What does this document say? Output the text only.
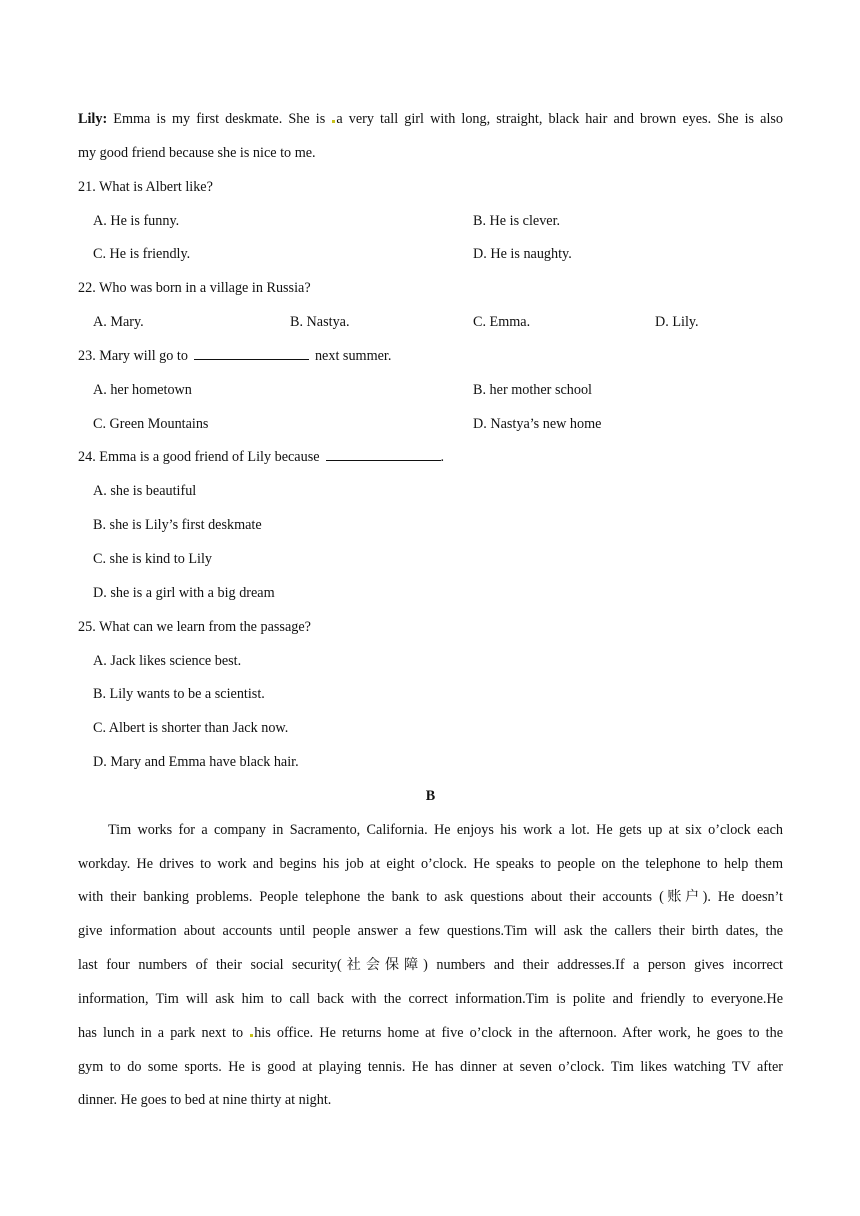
Lily: Emma is my first deskmate. She is a very tall girl with long, straight, black hair and brown eyes. She is also
my good friend because she is nice to me.
21. What is Albert like?
A. He is funny.	B. He is clever.
C. He is friendly.	D. He is naughty.
22. Who was born in a village in Russia?
A. Mary.	B. Nastya.	C. Emma.	D. Lily.
23. Mary will go to	next summer.
A. her hometown	B. her mother school
C. Green Mountains	D. Nastya’s new home
24. Emma is a good friend of Lily because	.
A. she is beautiful
B. she is Lily’s first deskmate
C. she is kind to Lily
D. she is a girl with a big dream
25. What can we learn from the passage?
A. Jack likes science best.
B. Lily wants to be a scientist.
C. Albert is shorter than Jack now.
D. Mary and Emma have black hair.
B
Tim works for a company in Sacramento, California. He enjoys his work a lot. He gets up at six o’clock each
workday. He drives to work and begins his job at eight o’clock. He speaks to people on the telephone to help them
with their banking problems. People telephone the bank to ask questions about their accounts (账户). He doesn’t
give information about accounts until people answer a few questions.Tim will ask the callers their birth dates, the
last four numbers of their social security(社会保障) numbers and their addresses.If a person gives incorrect
information, Tim will ask him to call back with the correct information.Tim is polite and friendly to everyone.He
has lunch in a park next to his office. He returns home at five o’clock in the afternoon. After work, he goes to the
gym to do some sports. He is good at playing tennis. He has dinner at seven o’clock. Tim likes watching TV after
dinner. He goes to bed at nine thirty at night.
